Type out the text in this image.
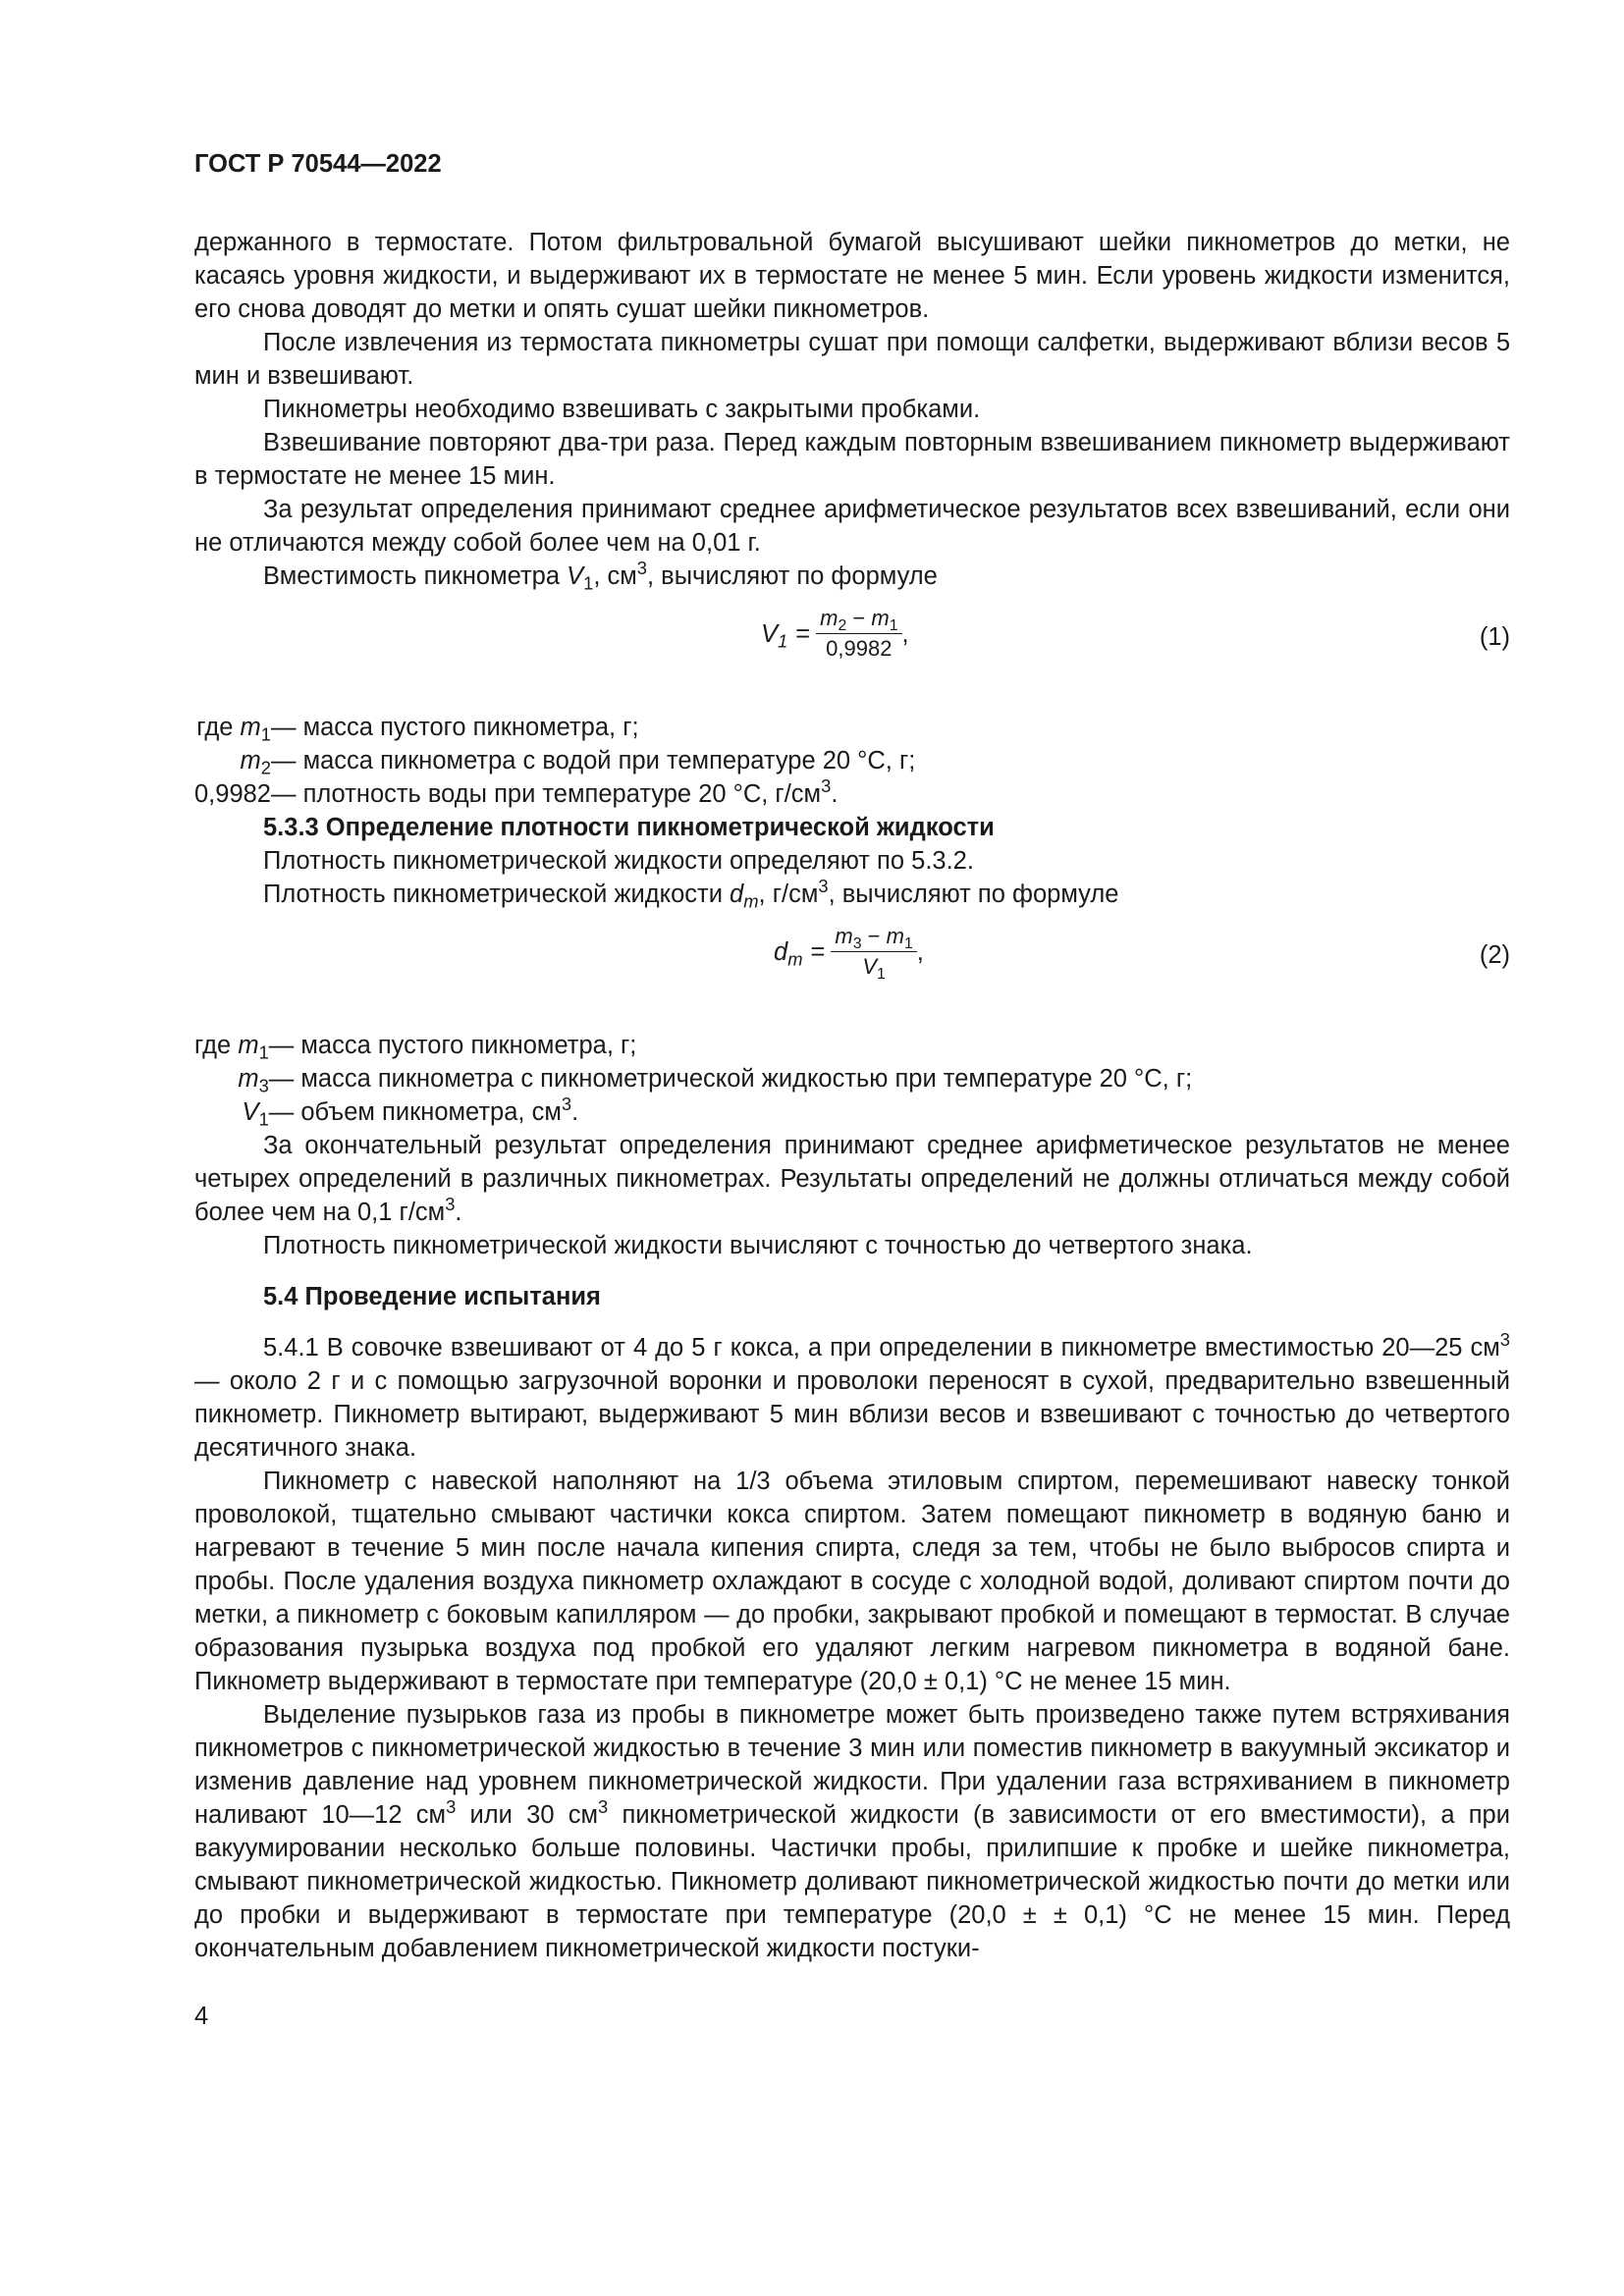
ГОСТ Р 70544—2022

держанного в термостате. Потом фильтровальной бумагой высушивают шейки пикнометров до метки, не касаясь уровня жидкости, и выдерживают их в термостате не менее 5 мин. Если уровень жидкости изменится, его снова доводят до метки и опять сушат шейки пикнометров.

После извлечения из термостата пикнометры сушат при помощи салфетки, выдерживают вблизи весов 5 мин и взвешивают.

Пикнометры необходимо взвешивать с закрытыми пробками.

Взвешивание повторяют два-три раза. Перед каждым повторным взвешиванием пикнометр выдерживают в термостате не менее 15 мин.

За результат определения принимают среднее арифметическое результатов всех взвешиваний, если они не отличаются между собой более чем на 0,01 г.

Вместимость пикнометра $V_1$, $см^3$, вычисляют по формуле

$V_1 = \frac{m_2 - m_1}{0,9982}$ ,	(1)
где $m_1$ — масса пустого пикнометра, г;
$m_2$ — масса пикнометра с водой при температуре 20 °C, г;
0,9982 — плотность воды при температуре 20 °C, $г/см^3$.

5.3.3 Определение плотности пикнометрической жидкости

Плотность пикнометрической жидкости определяют по 5.3.2.

Плотность пикнометрической жидкости $d_m$, $г/см^3$, вычисляют по формуле

$d_m = \frac{m_3 - m_1}{V_1}$ ,	(2)
где $m_1$ — масса пустого пикнометра, г;
$m_3$ — масса пикнометра с пикнометрической жидкостью при температуре 20 °C, г;
$V_1$ — объем пикнометра, $см^3$.

За окончательный результат определения принимают среднее арифметическое результатов не менее четырех определений в различных пикнометрах. Результаты определений не должны отличаться между собой более чем на 0,1 $г/см^3$.

Плотность пикнометрической жидкости вычисляют с точностью до четвертого знака.

5.4 Проведение испытания

5.4.1 В совочке взвешивают от 4 до 5 г кокса, а при определении в пикнометре вместимостью 20—25 $см^3$ — около 2 г и с помощью загрузочной воронки и проволоки переносят в сухой, предварительно взвешенный пикнометр. Пикнометр вытирают, выдерживают 5 мин вблизи весов и взвешивают с точностью до четвертого десятичного знака.

Пикнометр с навеской наполняют на 1/3 объема этиловым спиртом, перемешивают навеску тонкой проволокой, тщательно смывают частички кокса спиртом. Затем помещают пикнометр в водяную баню и нагревают в течение 5 мин после начала кипения спирта, следя за тем, чтобы не было выбросов спирта и пробы. После удаления воздуха пикнометр охлаждают в сосуде с холодной водой, доливают спиртом почти до метки, а пикнометр с боковым капилляром — до пробки, закрывают пробкой и помещают в термостат. В случае образования пузырька воздуха под пробкой его удаляют легким нагревом пикнометра в водяной бане. Пикнометр выдерживают в термостате при температуре (20,0 ± 0,1) °C не менее 15 мин.

Выделение пузырьков газа из пробы в пикнометре может быть произведено также путем встряхивания пикнометров с пикнометрической жидкостью в течение 3 мин или поместив пикнометр в вакуумный эксикатор и изменив давление над уровнем пикнометрической жидкости. При удалении газа встряхиванием в пикнометр наливают 10—12 $см^3$ или 30 $см^3$ пикнометрической жидкости (в зависимости от его вместимости), а при вакуумировании несколько больше половины. Частички пробы, прилипшие к пробке и шейке пикнометра, смывают пикнометрической жидкостью. Пикнометр доливают пикнометрической жидкостью почти до метки или до пробки и выдерживают в термостате при температуре (20,0 ± ± 0,1) °C не менее 15 мин. Перед окончательным добавлением пикнометрической жидкости постуки-

4
